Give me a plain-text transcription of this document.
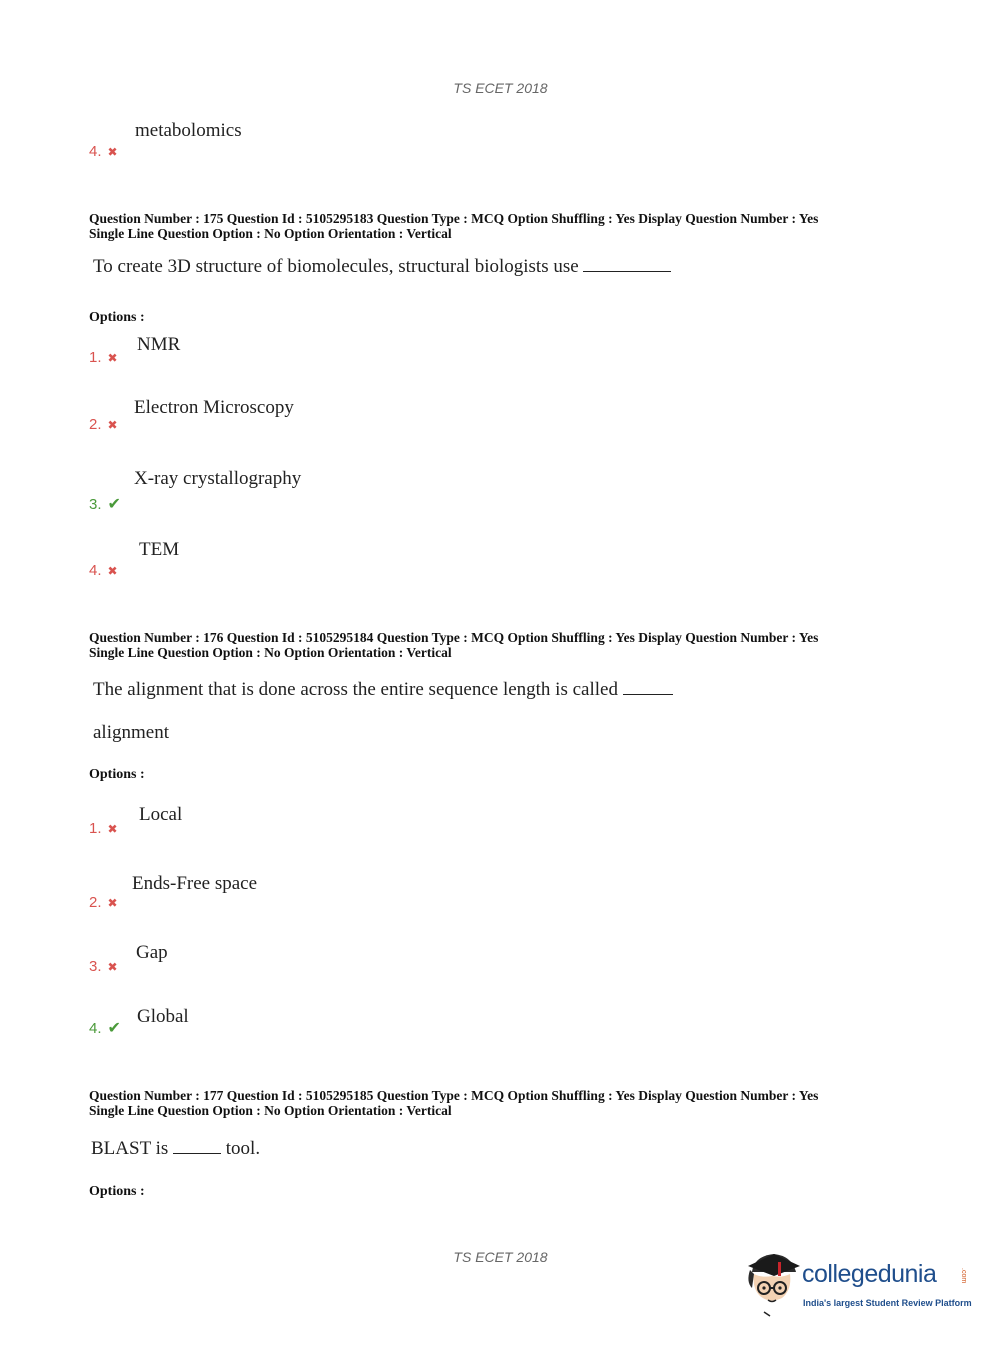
TS ECET 2018
metabolomics
4. ✖
Question Number : 175 Question Id : 5105295183 Question Type : MCQ Option Shuffling : Yes Display Question Number : Yes
Single Line Question Option : No Option Orientation : Vertical
To create 3D structure of biomolecules, structural biologists use
Options :
NMR
1. ✖
Electron Microscopy
2. ✖
X-ray crystallography
3. ✔
TEM
4. ✖
Question Number : 176 Question Id : 5105295184 Question Type : MCQ Option Shuffling : Yes Display Question Number : Yes
Single Line Question Option : No Option Orientation : Vertical
The alignment that is done across the entire sequence length is called
alignment
Options :
Local
1. ✖
Ends-Free space
2. ✖
Gap
3. ✖
Global
4. ✔
Question Number : 177 Question Id : 5105295185 Question Type : MCQ Option Shuffling : Yes Display Question Number : Yes
Single Line Question Option : No Option Orientation : Vertical
BLAST is	tool.
Options :
TS ECET 2018
collegedunia	.com
India's largest Student Review Platform
